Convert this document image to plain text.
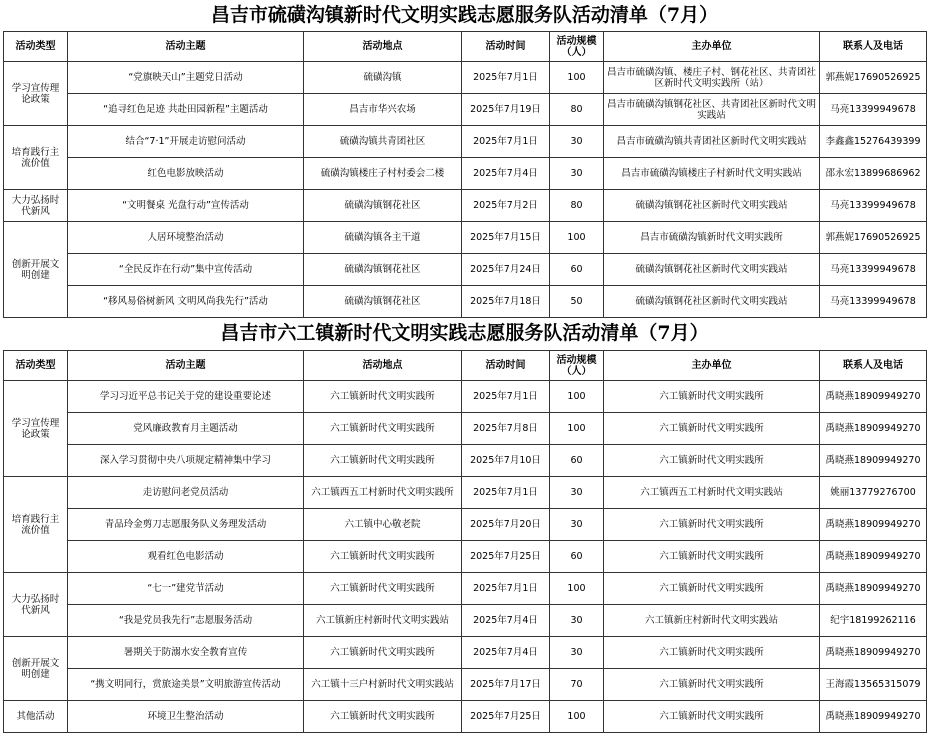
昌吉市硫磺沟镇新时代文明实践志愿服务队活动清单（7月）
活动类型	活动主题	活动地点	活动时间	活动规模（人）	主办单位	联系人及电话
学习宣传理论政策	“党旗映天山”主题党日活动	硫磺沟镇	2025年7月1日	100	昌吉市硫磺沟镇、楼庄子村、钢花社区、共青团社区新时代文明实践所（站）	郭燕妮17690526925
	“追寻红色足迹 共赴田园新程”主题活动	昌吉市华兴农场	2025年7月19日	80	昌吉市硫磺沟镇钢花社区、共青团社区新时代文明实践站	马亮13399949678
培育践行主流价值	结合“7·1”开展走访慰问活动	硫磺沟镇共青团社区	2025年7月1日	30	昌吉市硫磺沟镇共青团社区新时代文明实践站	李鑫鑫15276439399
	红色电影放映活动	硫磺沟镇楼庄子村村委会二楼	2025年7月4日	30	昌吉市硫磺沟镇楼庄子村新时代文明实践站	邵永宏13899686962
大力弘扬时代新风	“文明餐桌 光盘行动”宣传活动	硫磺沟镇钢花社区	2025年7月2日	80	硫磺沟镇钢花社区新时代文明实践站	马亮13399949678
创新开展文明创建	人居环境整治活动	硫磺沟镇各主干道	2025年7月15日	100	昌吉市硫磺沟镇新时代文明实践所	郭燕妮17690526925
	“全民反诈在行动”集中宣传活动	硫磺沟镇钢花社区	2025年7月24日	60	硫磺沟镇钢花社区新时代文明实践站	马亮13399949678
	“移风易俗树新风 文明风尚我先行”活动	硫磺沟镇钢花社区	2025年7月18日	50	硫磺沟镇钢花社区新时代文明实践站	马亮13399949678
昌吉市六工镇新时代文明实践志愿服务队活动清单（7月）
活动类型	活动主题	活动地点	活动时间	活动规模（人）	主办单位	联系人及电话
学习宣传理论政策	学习习近平总书记关于党的建设重要论述	六工镇新时代文明实践所	2025年7月1日	100	六工镇新时代文明实践所	禹晓燕18909949270
	党风廉政教育月主题活动	六工镇新时代文明实践所	2025年7月8日	100	六工镇新时代文明实践所	禹晓燕18909949270
	深入学习贯彻中央八项规定精神集中学习	六工镇新时代文明实践所	2025年7月10日	60	六工镇新时代文明实践所	禹晓燕18909949270
培育践行主流价值	走访慰问老党员活动	六工镇西五工村新时代文明实践所	2025年7月1日	30	六工镇西五工村新时代文明实践站	姚丽13779276700
	青品玲金剪刀志愿服务队义务理发活动	六工镇中心敬老院	2025年7月20日	30	六工镇新时代文明实践所	禹晓燕18909949270
	观看红色电影活动	六工镇新时代文明实践所	2025年7月25日	60	六工镇新时代文明实践所	禹晓燕18909949270
大力弘扬时代新风	“七一”建党节活动	六工镇新时代文明实践所	2025年7月1日	100	六工镇新时代文明实践所	禹晓燕18909949270
	“我是党员我先行”志愿服务活动	六工镇新庄村新时代文明实践站	2025年7月4日	30	六工镇新庄村新时代文明实践站	纪宇18199262116
创新开展文明创建	暑期关于防溺水安全教育宣传	六工镇新时代文明实践所	2025年7月4日	30	六工镇新时代文明实践所	禹晓燕18909949270
	“携文明同行，赏旅途美景”文明旅游宣传活动	六工镇十三户村新时代文明实践站	2025年7月17日	70	六工镇新时代文明实践所	王海霞13565315079
其他活动	环境卫生整治活动	六工镇新时代文明实践所	2025年7月25日	100	六工镇新时代文明实践所	禹晓燕18909949270
